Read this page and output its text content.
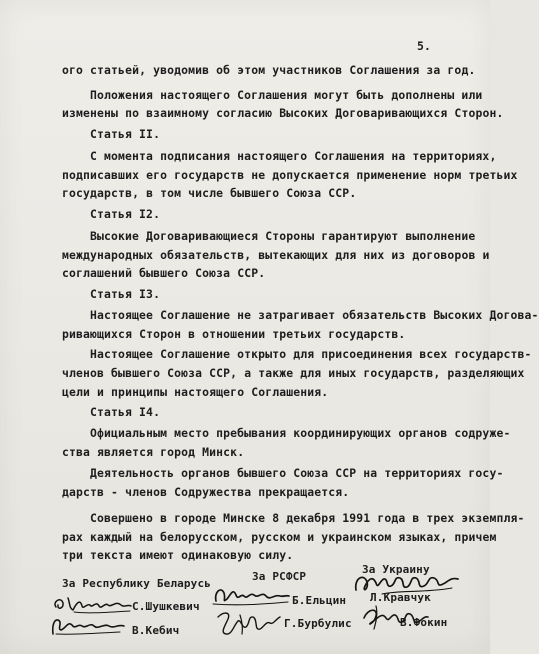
5.
ого статьей, уводомив об этом участников Соглашения за год.
Положения настоящего Соглашения могут быть дополнены или
изменены по взаимному согласию Высоких Договаривающихся Сторон.
Статья II.
С момента подписания настоящего Соглашения на территориях,
подписавших его государств не допускается применение норм третьих
государств, в том числе бывшего Союза ССР.
Статья I2.
Высокие Договаривающиеся Стороны гарантируют выполнение
международных обязательств, вытекающих для них из договоров и
соглашений бывшего Союза ССР.
Статья I3.
Настоящее Соглашение не затрагивает обязательств Высоких Догова-
ривающихся Сторон в отношении третьих государств.
Настоящее Соглашение открыто для присоединения всех государств-
членов бывшего Союза ССР, а также для иных государств, разделяющих
цели и принципы настоящего Соглашения.
Статья I4.
Официальным место пребывания координирующих органов содруже-
ства является город Минск.
Деятельность органов бывшего Союза ССР на территориях госу-
дарств - членов Содружества прекращается.
Совершено в городе Минске 8 декабря 1991 года в трех экземпля-
рах каждый на белорусском, русском и украинском языках, причем
три текста имеют одинаковую силу.
За Республику Беларусь
С.Шушкевич
В.Кебич
За РСФСР
Б.Ельцин
Г.Бурбулис
За Украину
Л.Кравчук
В.Фокин
